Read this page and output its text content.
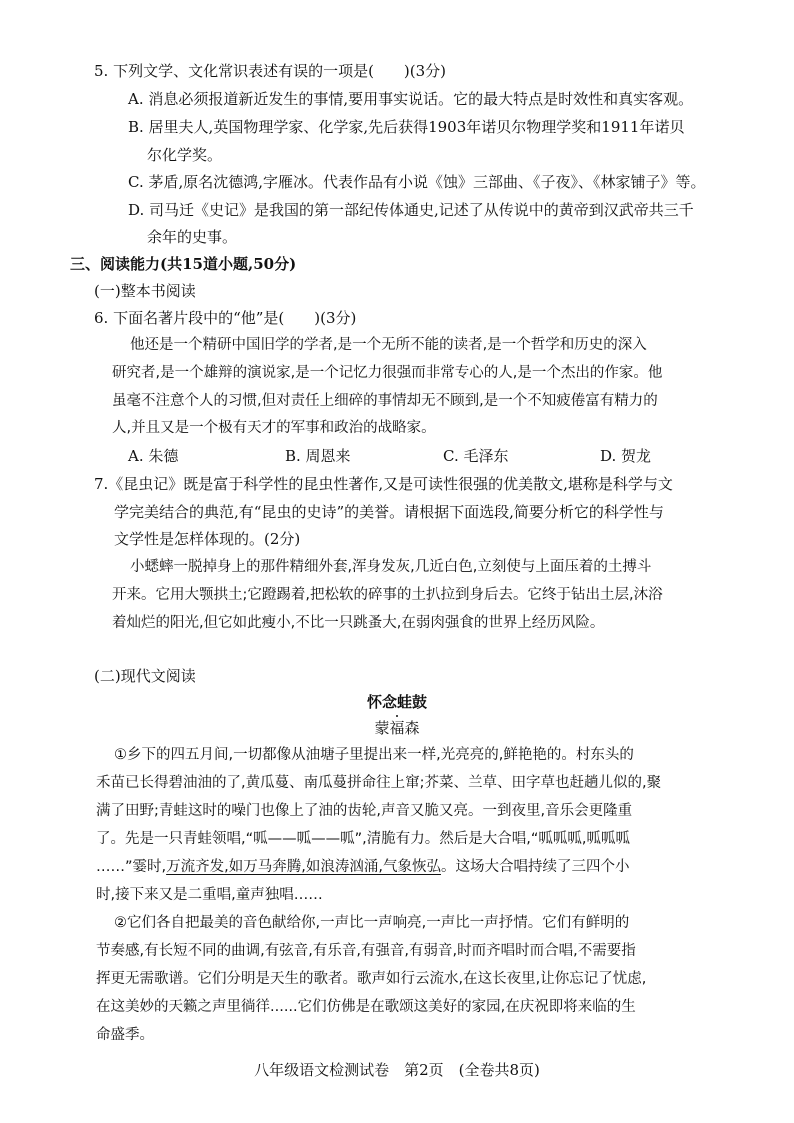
5. 下列文学、文化常识表述有误的一项是(　　)(3分)
A. 消息必须报道新近发生的事情,要用事实说话。它的最大特点是时效性和真实客观。
B. 居里夫人,英国物理学家、化学家,先后获得1903年诺贝尔物理学奖和1911年诺贝
尔化学奖。
C. 茅盾,原名沈德鸿,字雁冰。代表作品有小说《蚀》三部曲、《子夜》、《林家铺子》等。
D. 司马迁《史记》是我国的第一部纪传体通史,记述了从传说中的黄帝到汉武帝共三千
余年的史事。
三、阅读能力(共15道小题,50分)
(一)整本书阅读
6. 下面名著片段中的“他”是(　　)(3分)
他还是一个精研中国旧学的学者,是一个无所不能的读者,是一个哲学和历史的深入
研究者,是一个雄辩的演说家,是一个记忆力很强而非常专心的人,是一个杰出的作家。他
虽毫不注意个人的习惯,但对责任上细碎的事情却无不顾到,是一个不知疲倦富有精力的
人,并且又是一个极有天才的军事和政治的战略家。
A. 朱德	B. 周恩来	C. 毛泽东	D. 贺龙
7.《昆虫记》既是富于科学性的昆虫性著作,又是可读性很强的优美散文,堪称是科学与文
学完美结合的典范,有“昆虫的史诗”的美誉。请根据下面选段,简要分析它的科学性与
文学性是怎样体现的。(2分)
小蟋蟀一脱掉身上的那件精细外套,浑身发灰,几近白色,立刻使与上面压着的土搏斗
开来。它用大颚拱土;它蹬踢着,把松软的碎事的土扒拉到身后去。它终于钻出土层,沐浴
着灿烂的阳光,但它如此瘦小,不比一只跳蚤大,在弱肉强食的世界上经历风险。
(二)现代文阅读
怀念蛙鼓
蒙福森
①乡下的四五月间,一切都像从油塘子里提出来一样,光亮亮的,鲜艳艳的。村东头的
禾苗已长得碧油油的了,黄瓜蔓、南瓜蔓拼命往上窜;芥菜、兰草、田字草也赶趟儿似的,聚
满了田野;青蛙这时的噪门也像上了油的齿轮,声音又脆又亮。一到夜里,音乐会更隆重
了。先是一只青蛙领唱,“呱——呱——呱”,清脆有力。然后是大合唱,“呱呱呱,呱呱呱
……”霎时,万流齐发,如万马奔腾,如浪涛汹涌,气象恢弘。这场大合唱持续了三四个小
时,接下来又是二重唱,童声独唱……
②它们各自把最美的音色献给你,一声比一声响亮,一声比一声抒情。它们有鲜明的
节奏感,有长短不同的曲调,有弦音,有乐音,有强音,有弱音,时而齐唱时而合唱,不需要指
挥更无需歌谱。它们分明是天生的歌者。歌声如行云流水,在这长夜里,让你忘记了忧虑,
在这美妙的天籁之声里徜徉......它们仿佛是在歌颂这美好的家园,在庆祝即将来临的生
命盛季。
八年级语文检测试卷　第2页　(全卷共8页)
